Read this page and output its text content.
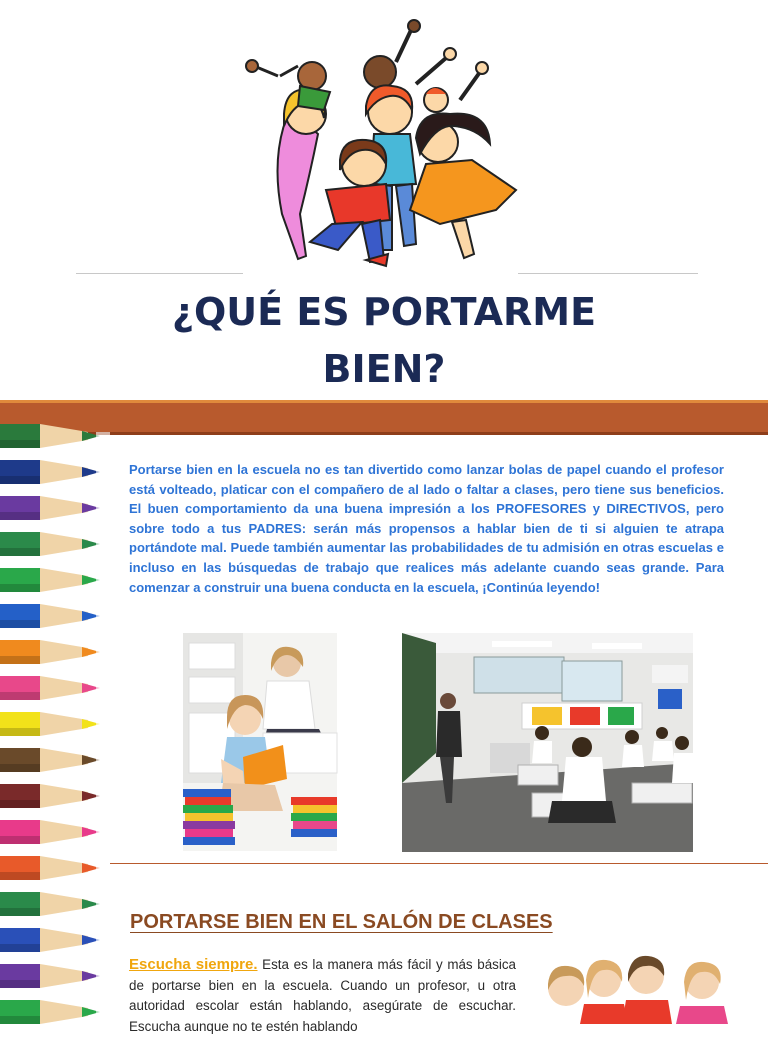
¿QUÉ ES PORTARME
BIEN?

Portarse bien en la escuela no es tan divertido como lanzar bolas de papel cuando el profesor está volteado, platicar con el compañero de al lado o faltar a clases, pero tiene sus beneficios. El buen comportamiento da una buena impresión a los PROFESORES y DIRECTIVOS, pero sobre todo a tus PADRES: serán más propensos a hablar bien de ti si alguien te atrapa portándote mal. Puede también aumentar las probabilidades de tu admisión en otras escuelas e incluso en las búsquedas de trabajo que realices más adelante cuando seas grande. Para comenzar a construir una buena conducta en la escuela, ¡Continúa leyendo!

PORTARSE BIEN EN EL SALÓN DE CLASES

Escucha siempre. Esta es la manera más fácil y más básica de portarse bien en la escuela. Cuando un profesor, u otra autoridad escolar están hablando, asegúrate de escuchar. Escucha aunque no te estén hablando
